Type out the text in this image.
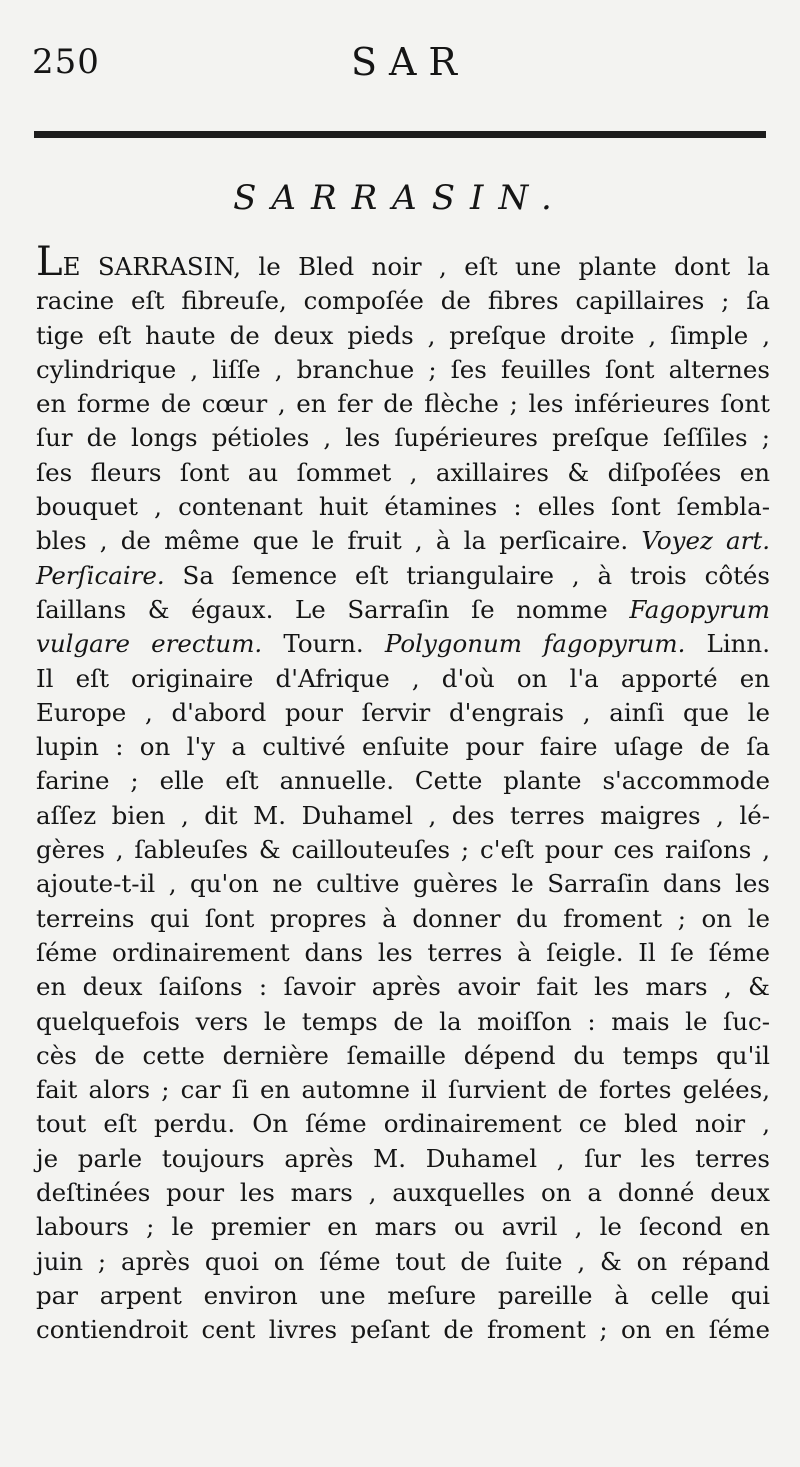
250	SAR
SARRASIN.
LE SARRASIN, le Bled noir , eſt une plante dont la
racine eſt fibreuſe, compoſée de fibres capillaires ; ſa
tige eſt haute de deux pieds , preſque droite , ſimple ,
cylindrique , liſſe , branchue ; ſes feuilles ſont alternes
en forme de cœur , en fer de flèche ; les inférieures ſont
ſur de longs pétioles , les ſupérieures preſque ſeſſiles ;
ſes fleurs ſont au ſommet , axillaires & diſpoſées en
bouquet , contenant huit étamines : elles ſont ſembla-
bles , de même que le fruit , à la perſicaire. Voyez art.
Perſicaire. Sa ſemence eſt triangulaire , à trois côtés
ſaillans & égaux. Le Sarraſin ſe nomme Fagopyrum
vulgare erectum. Tourn. Polygonum fagopyrum. Linn.
Il eſt originaire d'Afrique , d'où on l'a apporté en
Europe , d'abord pour ſervir d'engrais , ainſi que le
lupin : on l'y a cultivé enſuite pour faire uſage de ſa
farine ; elle eſt annuelle. Cette plante s'accommode
aſſez bien , dit M. Duhamel , des terres maigres , lé-
gères , ſableuſes & caillouteuſes ; c'eſt pour ces raiſons ,
ajoute-t-il , qu'on ne cultive guères le Sarraſin dans les
terreins qui ſont propres à donner du froment ; on le
ſéme ordinairement dans les terres à ſeigle. Il ſe ſéme
en deux ſaiſons : ſavoir après avoir fait les mars , &
quelquefois vers le temps de la moiſſon : mais le ſuc-
cès de cette dernière ſemaille dépend du temps qu'il
fait alors ; car ſi en automne il ſurvient de fortes gelées,
tout eſt perdu. On ſéme ordinairement ce bled noir ,
je parle toujours après M. Duhamel , ſur les terres
deſtinées pour les mars , auxquelles on a donné deux
labours ; le premier en mars ou avril , le ſecond en
juin ; après quoi on ſéme tout de ſuite , & on répand
par arpent environ une meſure pareille à celle qui
contiendroit cent livres peſant de froment ; on en ſéme
